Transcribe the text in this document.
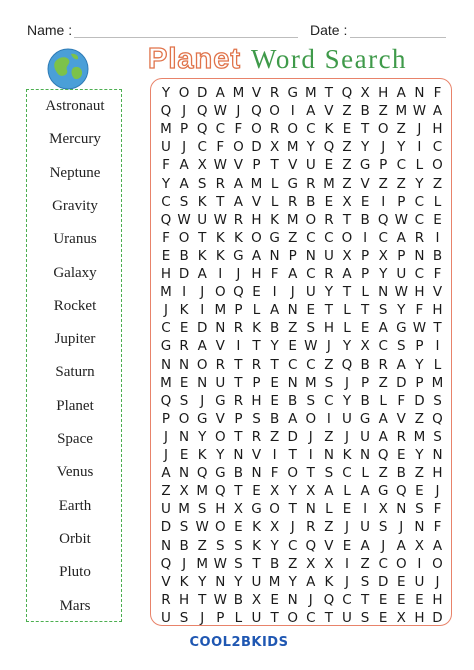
Name :	Date :
Planet Word Search
Astronaut
Mercury
Neptune
Gravity
Uranus
Galaxy
Rocket
Jupiter
Saturn
Planet
Space
Venus
Earth
Orbit
Pluto
Mars
Y O D A M V R G M T Q X H A N F
Q J Q W J Q O I A V Z B Z M W A
M P Q C F O R O C K E T O Z J H
U J C F O D X M Y Q Z Y J Y I C
F A X W V P T V U E Z G P C L O
Y A S R A M L G R M Z V Z Z Y Z
C S K T A V L R B E X E I P C L
Q W U W R H K M O R T B Q W C E
F O T K K O G Z C C O I C A R I
E B K K G A N P N U X P X P N B
H D A I	J H F A C R A P Y U C F
M I	J O Q E I	J U Y T L N W H V
J K I M P L A N E T L T S Y F H
C E D N R K B Z S H L E A G W T
G R A V I T Y E W J Y X C S P I
N N O R T R T C C Z Q B R A Y L
M E N U T P E N M S J P Z D P M
Q S J G R H E B S C Y B L F D S
P O G V P S B A O I U G A V Z Q
J N Y O T R Z D J Z J U A R M S
J E K Y N V I T I N K N Q E Y N
A N Q G B N F O T S C L Z B Z H
Z X M Q T E X Y X A L A G Q E J
U M S H X G O T N L E I X N S F
D S W O E K X J R Z J U S J N F
N B Z S S K Y C Q V E A J A X A
Q J M W S T B Z X X I Z C O I O
V K Y N Y U M Y A K J S D E U J
R H T W B X E N J Q C T E E E H
U S J P L U T O C T U S E X H D
COOL2BKIDS
